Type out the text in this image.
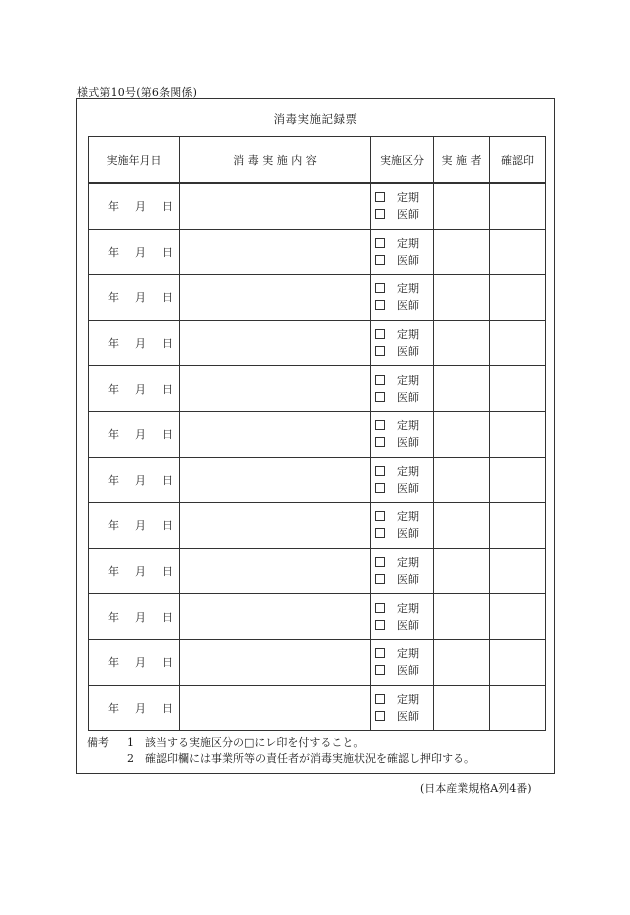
様式第10号(第6条関係)
消毒実施記録票
実施年月日	消 毒 実 施 内 容	実施区分	実 施 者	確認印
年 月 日		定期
医師		

年 月 日		定期
医師		

年 月 日		定期
医師		

年 月 日		定期
医師		

年 月 日		定期
医師		

年 月 日		定期
医師		

年 月 日		定期
医師		

年 月 日		定期
医師		

年 月 日		定期
医師		

年 月 日		定期
医師		

年 月 日		定期
医師		

年 月 日		定期
医師		

備考 1 該当する実施区分の□にレ印を付すること。
2 確認印欄には事業所等の責任者が消毒実施状況を確認し押印する。
(日本産業規格A列4番)
